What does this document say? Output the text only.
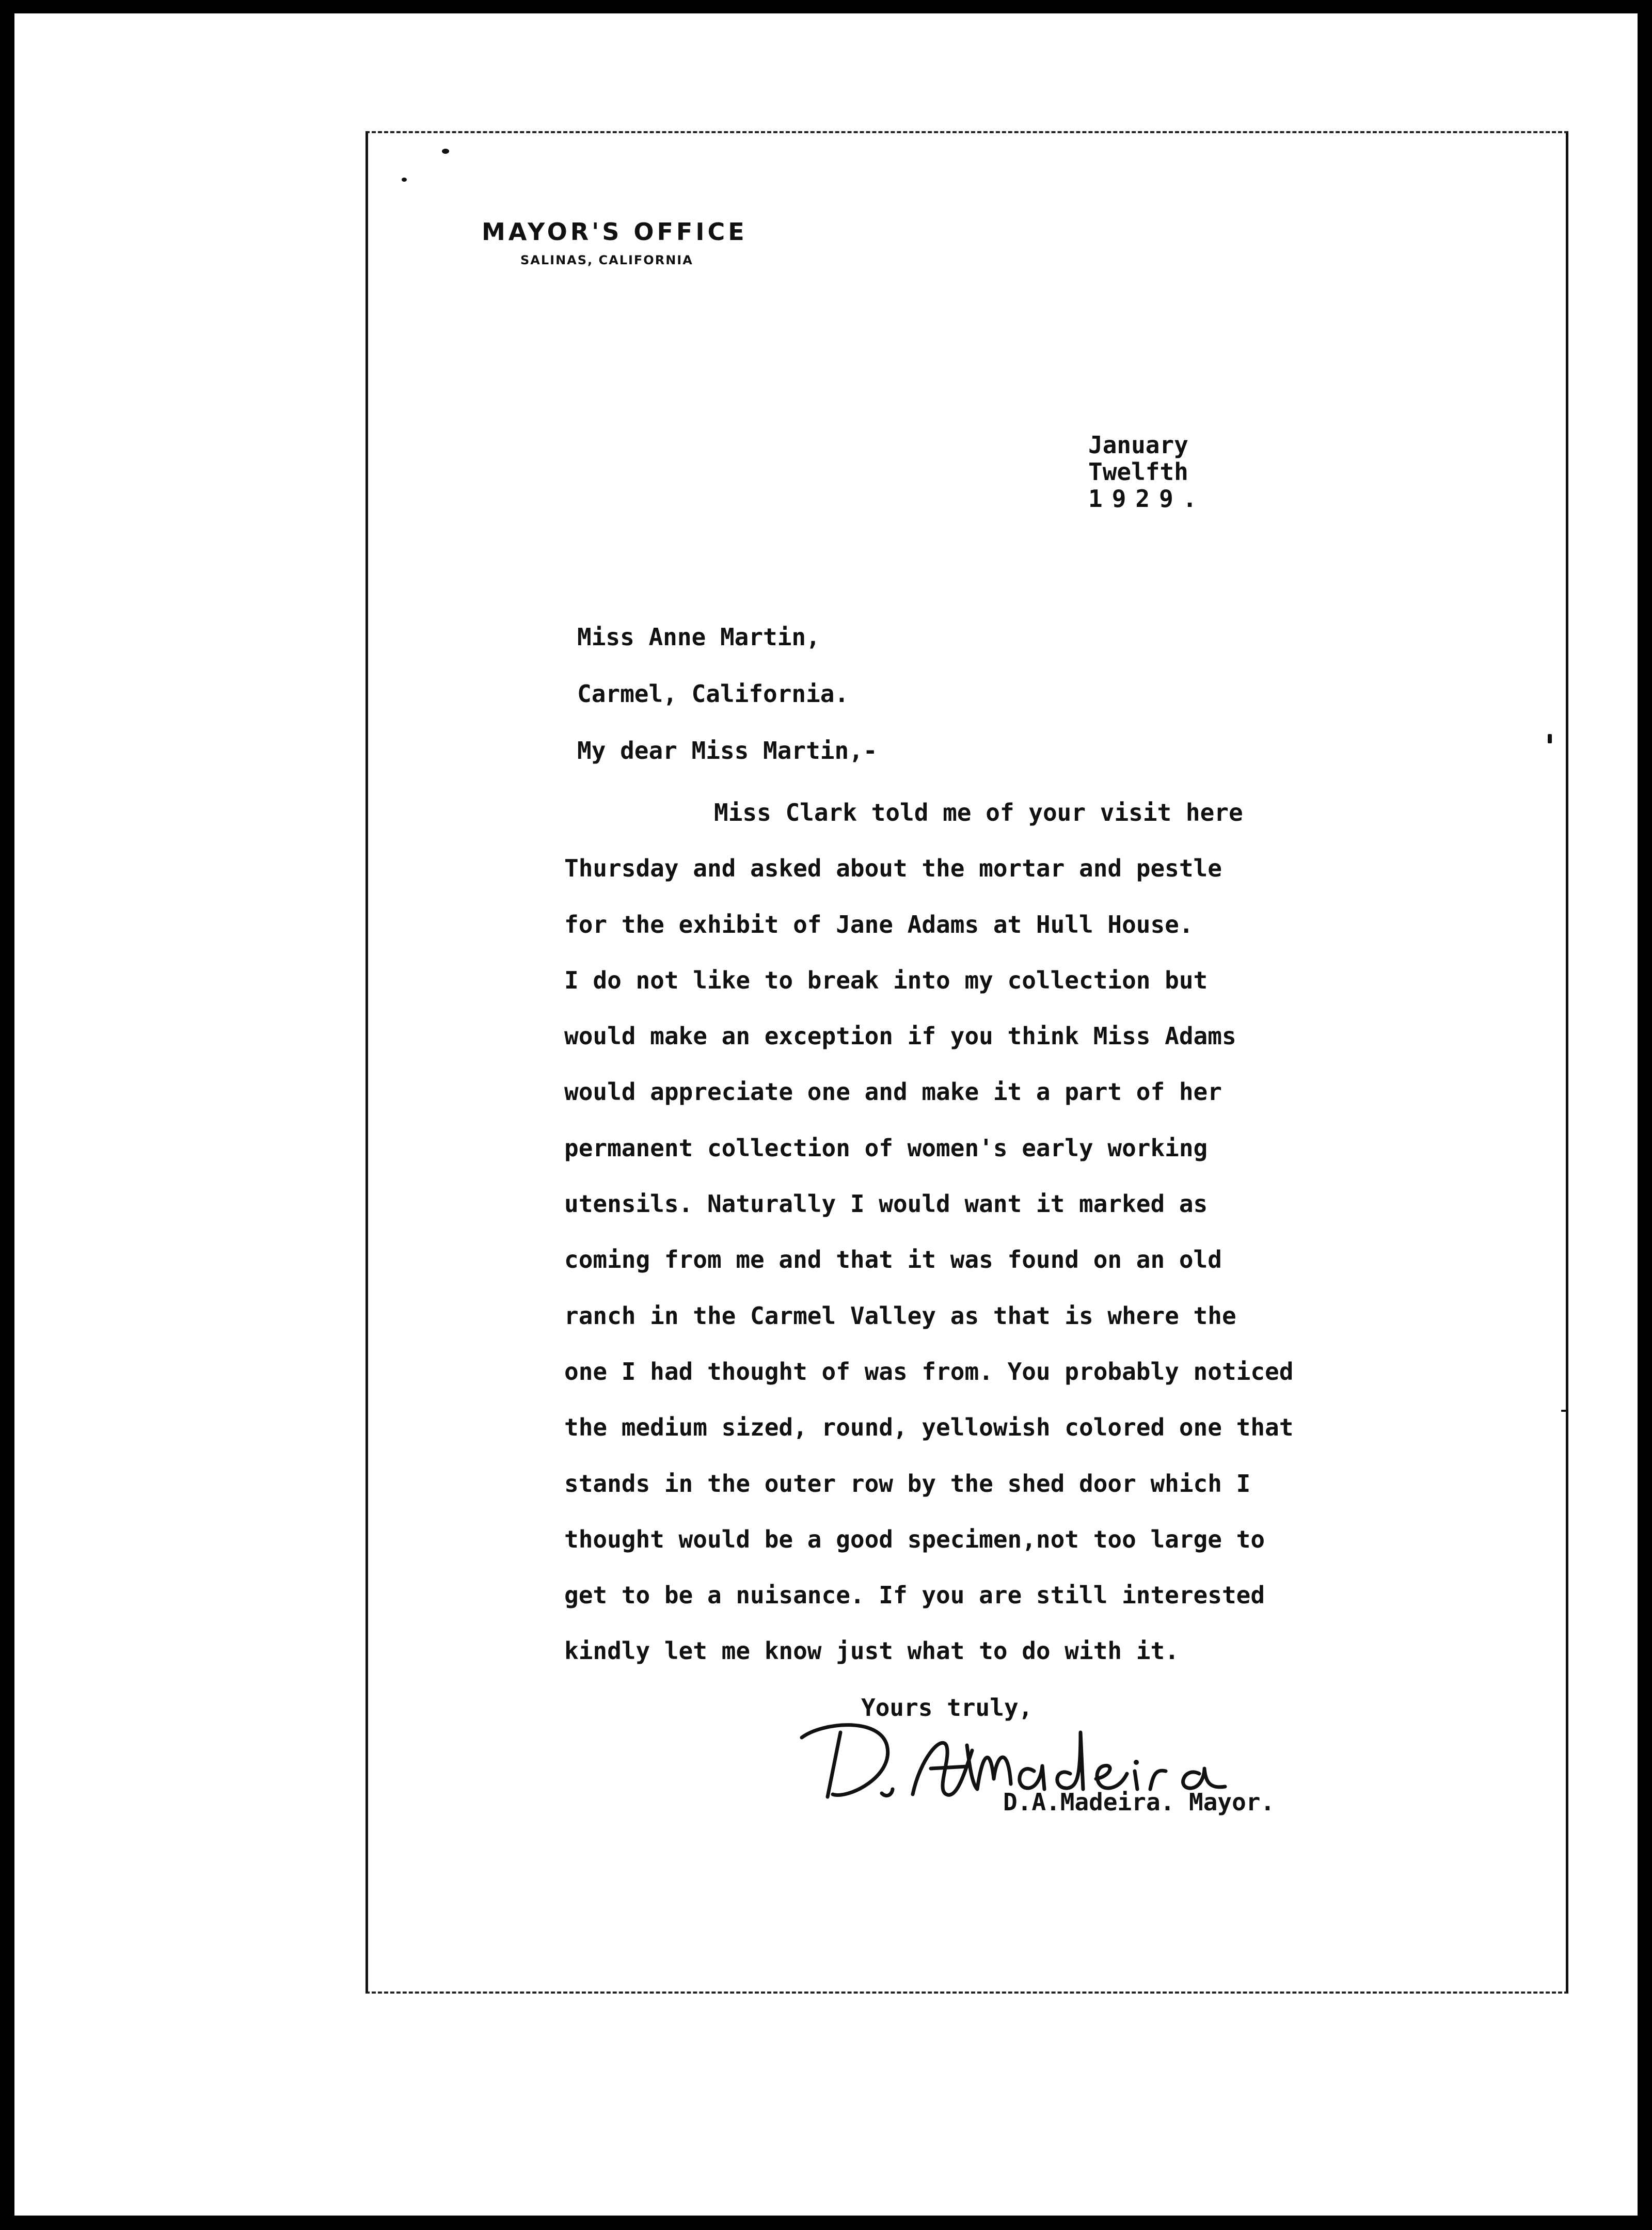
MAYOR'S OFFICE
SALINAS, CALIFORNIA
January
Twelfth
1929.
Miss Anne Martin,
Carmel, California.
My dear Miss Martin,-
Miss Clark told me of your visit here
Thursday and asked about the mortar and pestle
for the exhibit of Jane Adams at Hull House.
I do not like to break into my collection but
would make an exception if you think Miss Adams
would appreciate one and make it a part of her
permanent collection of women's early working
utensils. Naturally I would want it marked as
coming from me and that it was found on an old
ranch in the Carmel Valley as that is where the
one I had thought of was from. You probably noticed
the medium sized, round, yellowish colored one that
stands in the outer row by the shed door which I
thought would be a good specimen,not too large to
get to be a nuisance. If you are still interested
kindly let me know just what to do with it.
Yours truly,
D.A.Madeira. Mayor.
